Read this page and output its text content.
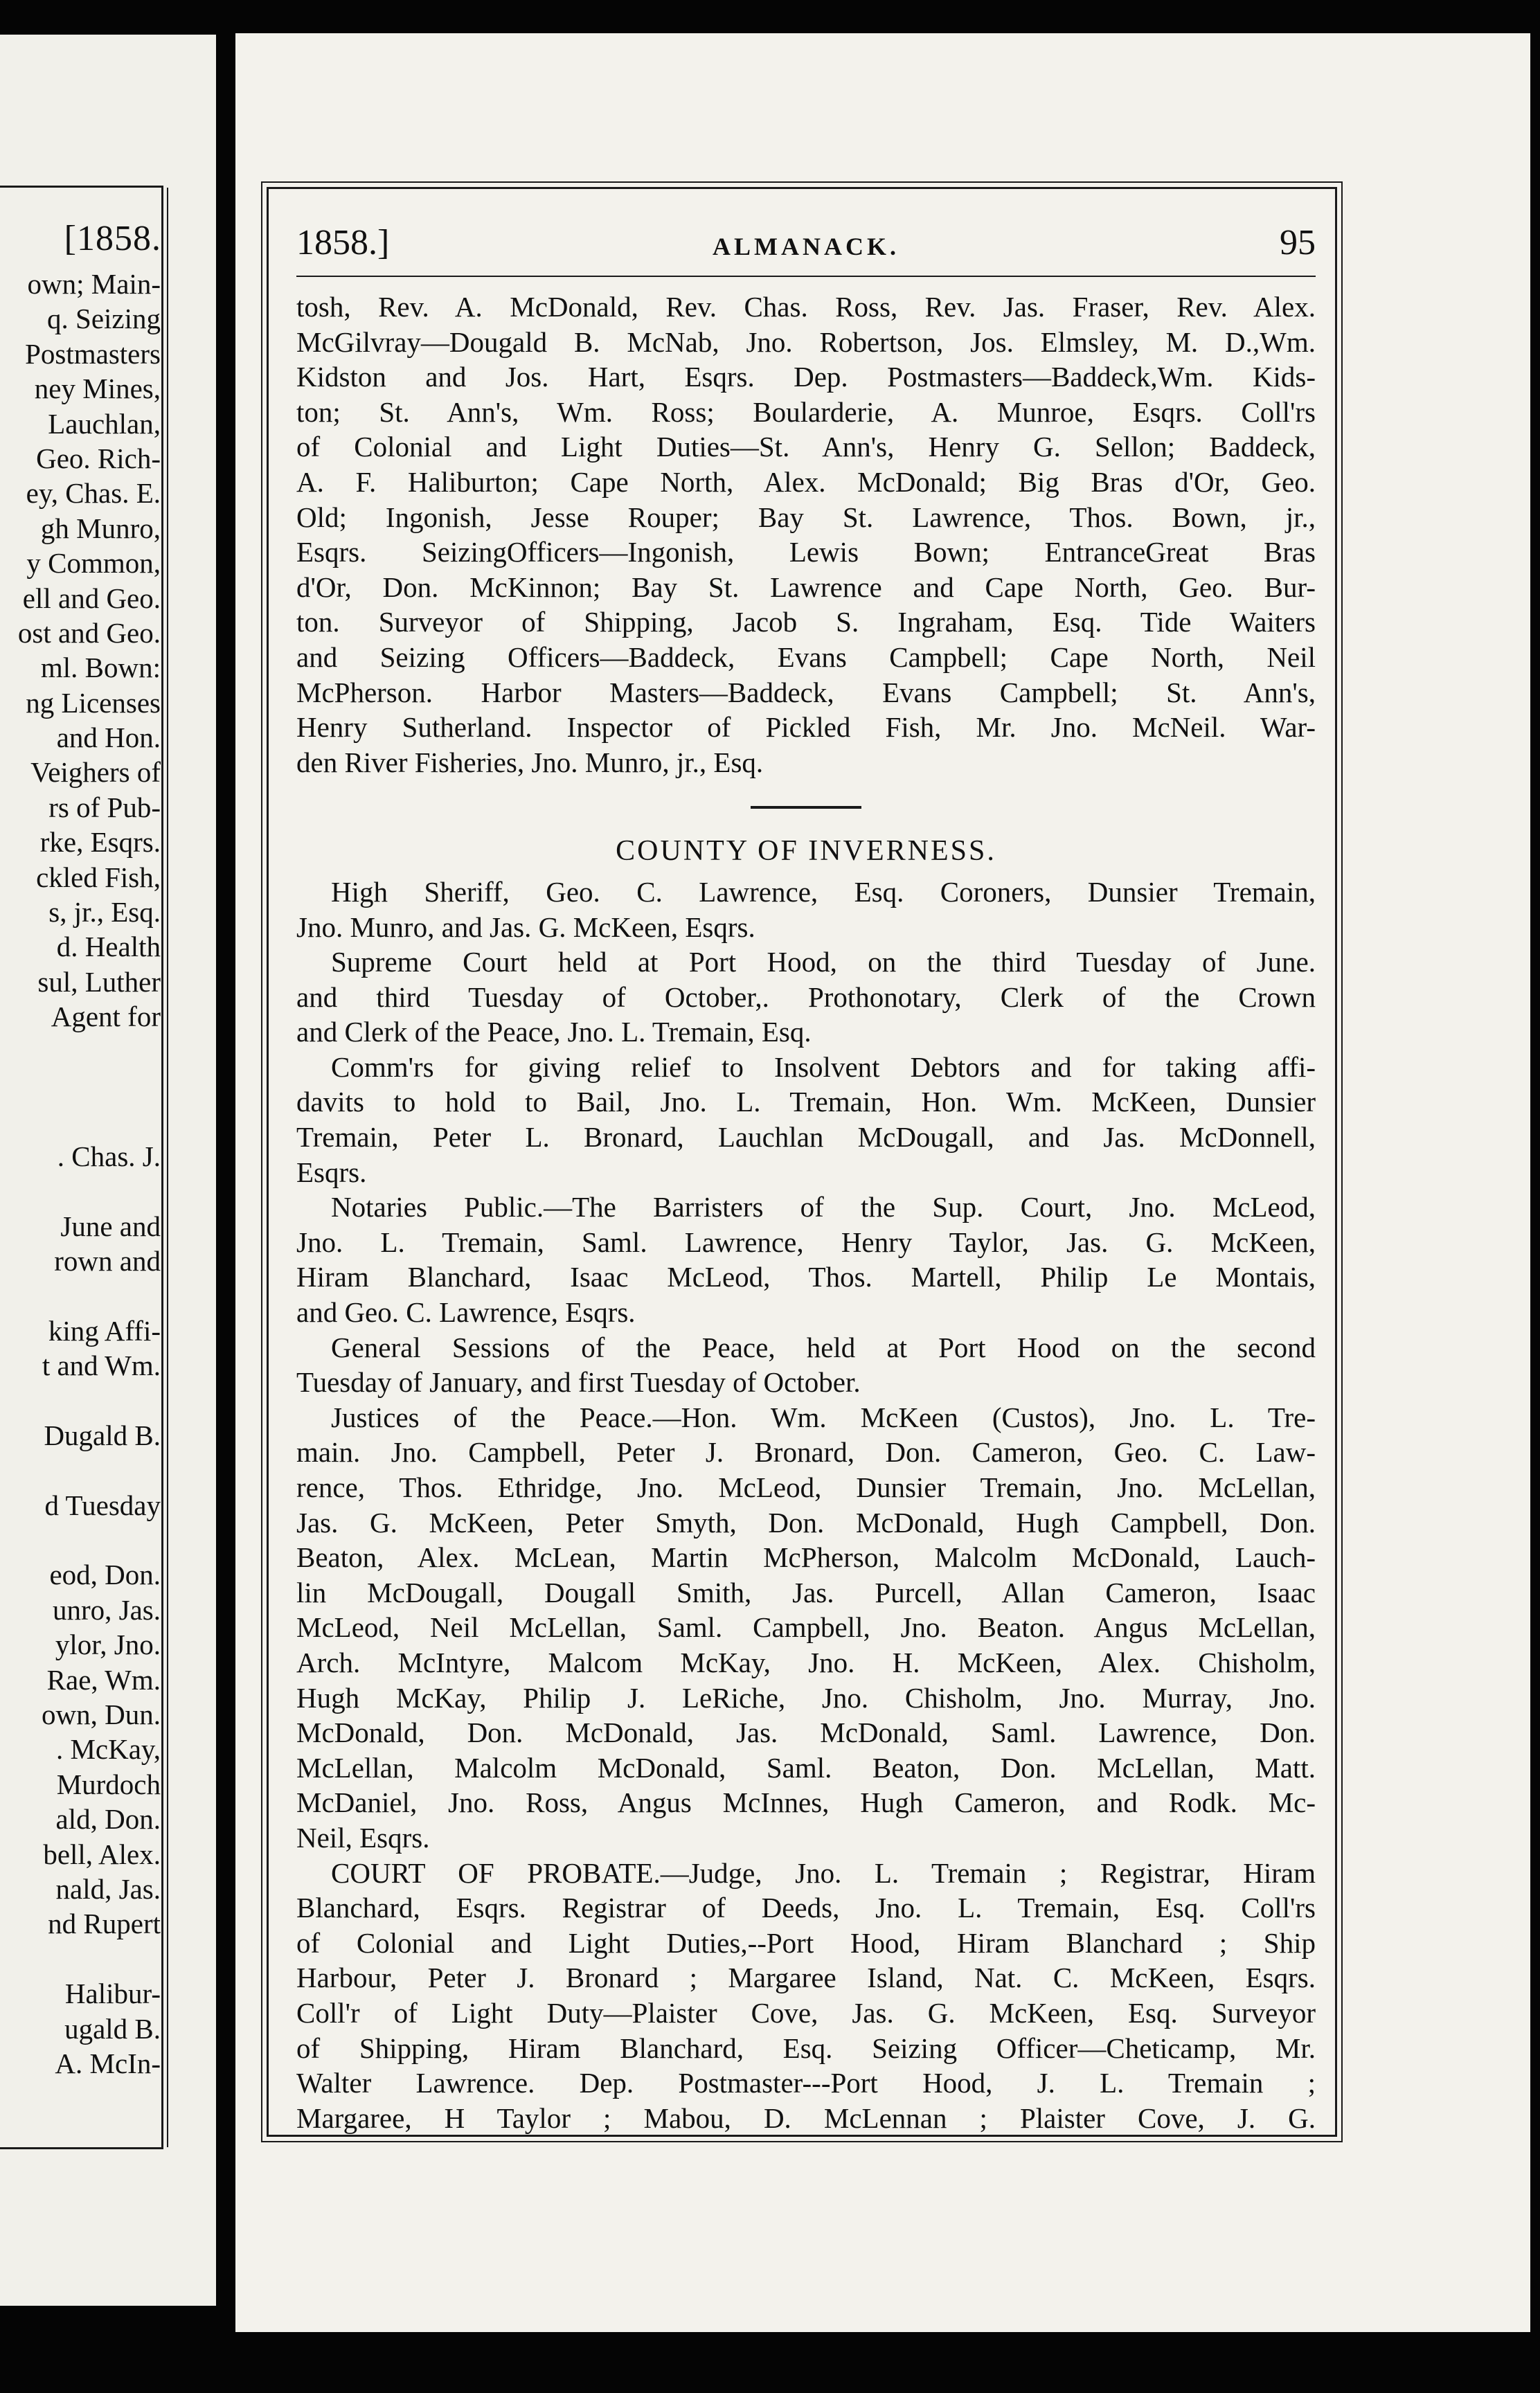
[1858.
own; Main-
q. Seizing
Postmasters
ney Mines,
Lauchlan,
Geo. Rich-
ey, Chas. E.
gh Munro,
y Common,
ell and Geo.
ost and Geo.
ml. Bown:
ng Licenses
and Hon.
Veighers of
rs of Pub-
rke, Esqrs.
ckled Fish,
s, jr., Esq.
d. Health
sul, Luther
Agent for
. Chas. J.
June and
rown and
king Affi-
t and Wm.
Dugald B.
d Tuesday
eod, Don.
unro, Jas.
ylor, Jno.
Rae, Wm.
own, Dun.
. McKay,
Murdoch
ald, Don.
bell, Alex.
nald, Jas.
nd Rupert
Halibur-
ugald B.
A. McIn-
1858.]	ALMANACK.	95
tosh, Rev. A. McDonald, Rev. Chas. Ross, Rev. Jas. Fraser, Rev. Alex.
McGilvray—Dougald B. McNab, Jno. Robertson, Jos. Elmsley, M. D.,Wm.
Kidston and Jos. Hart, Esqrs. Dep. Postmasters—Baddeck,Wm. Kids-
ton; St. Ann's, Wm. Ross; Boularderie, A. Munroe, Esqrs. Coll'rs
of Colonial and Light Duties—St. Ann's, Henry G. Sellon; Baddeck,
A. F. Haliburton; Cape North, Alex. McDonald; Big Bras d'Or, Geo.
Old; Ingonish, Jesse Rouper; Bay St. Lawrence, Thos. Bown, jr.,
Esqrs. SeizingOfficers—Ingonish, Lewis Bown; EntranceGreat Bras
d'Or, Don. McKinnon; Bay St. Lawrence and Cape North, Geo. Bur-
ton. Surveyor of Shipping, Jacob S. Ingraham, Esq. Tide Waiters
and Seizing Officers—Baddeck, Evans Campbell; Cape North, Neil
McPherson. Harbor Masters—Baddeck, Evans Campbell; St. Ann's,
Henry Sutherland. Inspector of Pickled Fish, Mr. Jno. McNeil. War-
den River Fisheries, Jno. Munro, jr., Esq.
COUNTY OF INVERNESS.
High Sheriff, Geo. C. Lawrence, Esq. Coroners, Dunsier Tremain,
Jno. Munro, and Jas. G. McKeen, Esqrs.
Supreme Court held at Port Hood, on the third Tuesday of June.
and third Tuesday of October,. Prothonotary, Clerk of the Crown
and Clerk of the Peace, Jno. L. Tremain, Esq.
Comm'rs for giving relief to Insolvent Debtors and for taking affi-
davits to hold to Bail, Jno. L. Tremain, Hon. Wm. McKeen, Dunsier
Tremain, Peter L. Bronard, Lauchlan McDougall, and Jas. McDonnell,
Esqrs.
Notaries Public.—The Barristers of the Sup. Court, Jno. McLeod,
Jno. L. Tremain, Saml. Lawrence, Henry Taylor, Jas. G. McKeen,
Hiram Blanchard, Isaac McLeod, Thos. Martell, Philip Le Montais,
and Geo. C. Lawrence, Esqrs.
General Sessions of the Peace, held at Port Hood on the second
Tuesday of January, and first Tuesday of October.
Justices of the Peace.—Hon. Wm. McKeen (Custos), Jno. L. Tre-
main. Jno. Campbell, Peter J. Bronard, Don. Cameron, Geo. C. Law-
rence, Thos. Ethridge, Jno. McLeod, Dunsier Tremain, Jno. McLellan,
Jas. G. McKeen, Peter Smyth, Don. McDonald, Hugh Campbell, Don.
Beaton, Alex. McLean, Martin McPherson, Malcolm McDonald, Lauch-
lin McDougall, Dougall Smith, Jas. Purcell, Allan Cameron, Isaac
McLeod, Neil McLellan, Saml. Campbell, Jno. Beaton. Angus McLellan,
Arch. McIntyre, Malcom McKay, Jno. H. McKeen, Alex. Chisholm,
Hugh McKay, Philip J. LeRiche, Jno. Chisholm, Jno. Murray, Jno.
McDonald, Don. McDonald, Jas. McDonald, Saml. Lawrence, Don.
McLellan, Malcolm McDonald, Saml. Beaton, Don. McLellan, Matt.
McDaniel, Jno. Ross, Angus McInnes, Hugh Cameron, and Rodk. Mc-
Neil, Esqrs.
COURT OF PROBATE.—Judge, Jno. L. Tremain ; Registrar, Hiram
Blanchard, Esqrs. Registrar of Deeds, Jno. L. Tremain, Esq. Coll'rs
of Colonial and Light Duties,--Port Hood, Hiram Blanchard ; Ship
Harbour, Peter J. Bronard ; Margaree Island, Nat. C. McKeen, Esqrs.
Coll'r of Light Duty—Plaister Cove, Jas. G. McKeen, Esq. Surveyor
of Shipping, Hiram Blanchard, Esq. Seizing Officer—Cheticamp, Mr.
Walter Lawrence. Dep. Postmaster---Port Hood, J. L. Tremain ;
Margaree, H Taylor ; Mabou, D. McLennan ; Plaister Cove, J. G.
